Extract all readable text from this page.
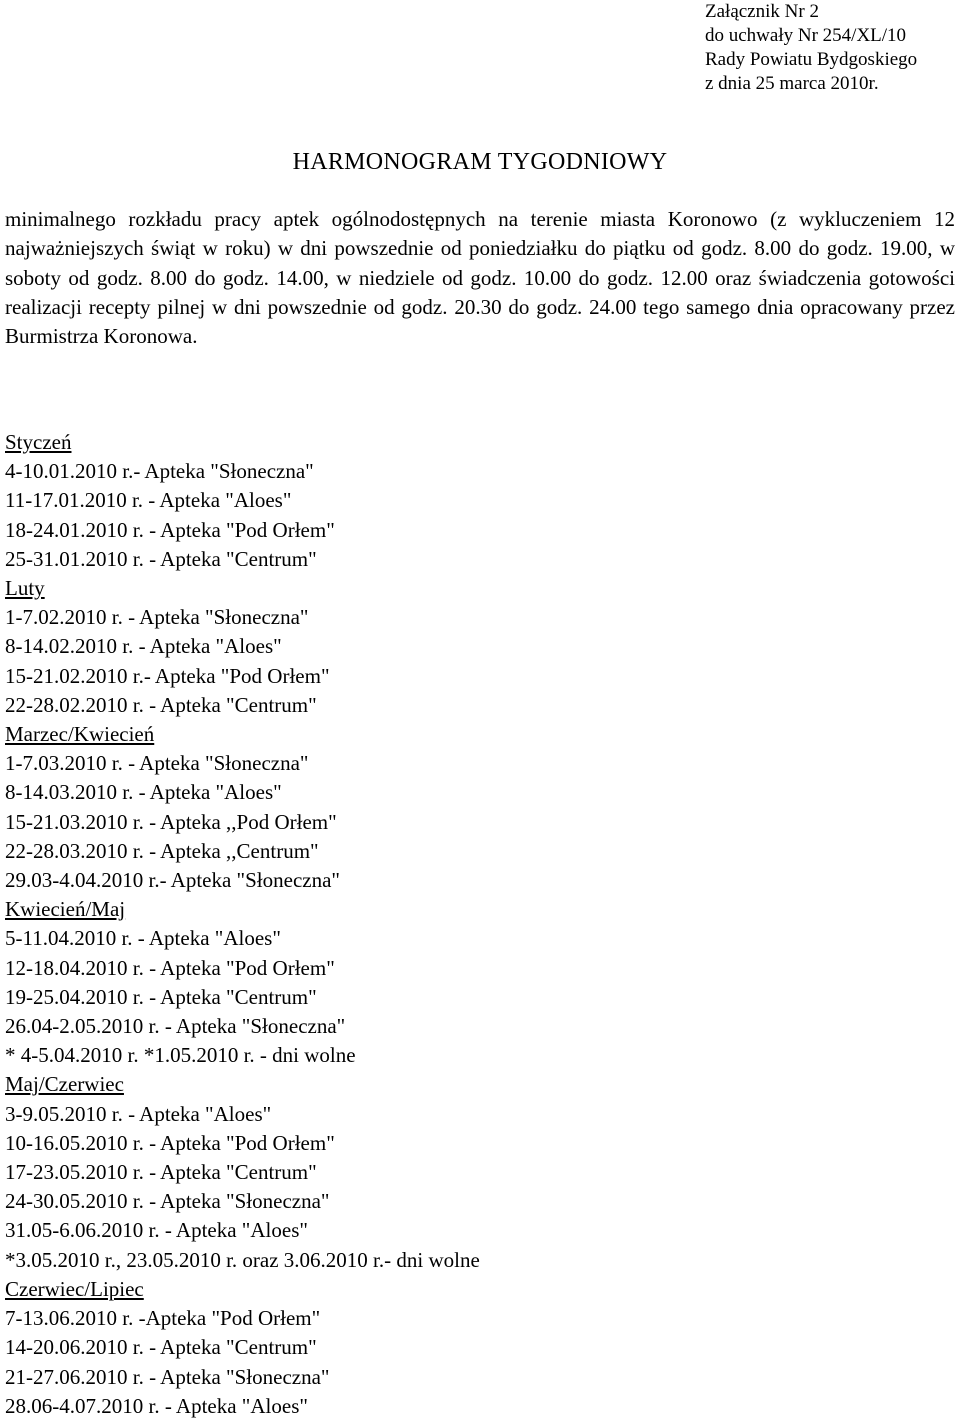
Załącznik Nr 2
do uchwały Nr 254/XL/10
Rady Powiatu Bydgoskiego
z dnia 25 marca 2010r.
HARMONOGRAM TYGODNIOWY

minimalnego rozkładu pracy aptek ogólnodostępnych na terenie miasta Koronowo (z wykluczeniem 12 najważniejszych świąt w roku) w dni powszednie od poniedziałku do piątku od godz. 8.00 do godz. 19.00, w soboty od godz. 8.00 do godz. 14.00, w niedziele od godz. 10.00 do godz. 12.00 oraz świadczenia gotowości realizacji recepty pilnej w dni powszednie od godz. 20.30 do godz. 24.00 tego samego dnia opracowany przez Burmistrza Koronowa.

Styczeń
4-10.01.2010 r.- Apteka "Słoneczna"
11-17.01.2010 r. - Apteka "Aloes"
18-24.01.2010 r. - Apteka "Pod Orłem"
25-31.01.2010 r. - Apteka "Centrum"
Luty
1-7.02.2010 r. - Apteka "Słoneczna"
8-14.02.2010 r. - Apteka "Aloes"
15-21.02.2010 r.- Apteka "Pod Orłem"
22-28.02.2010 r. - Apteka "Centrum"
Marzec/Kwiecień
1-7.03.2010 r. - Apteka "Słoneczna"
8-14.03.2010 r. - Apteka "Aloes"
15-21.03.2010 r. - Apteka ,,Pod Orłem"
22-28.03.2010 r. - Apteka ,,Centrum"
29.03-4.04.2010 r.- Apteka "Słoneczna"
Kwiecień/Maj
5-11.04.2010 r. - Apteka "Aloes"
12-18.04.2010 r. - Apteka "Pod Orłem"
19-25.04.2010 r. - Apteka "Centrum"
26.04-2.05.2010 r. - Apteka "Słoneczna"
* 4-5.04.2010 r. *1.05.2010 r. - dni wolne
Maj/Czerwiec
3-9.05.2010 r. - Apteka "Aloes"
10-16.05.2010 r. - Apteka "Pod Orłem"
17-23.05.2010 r. - Apteka "Centrum"
24-30.05.2010 r. - Apteka "Słoneczna"
31.05-6.06.2010 r. - Apteka "Aloes"
*3.05.2010 r., 23.05.2010 r. oraz 3.06.2010 r.- dni wolne
Czerwiec/Lipiec
7-13.06.2010 r. -Apteka "Pod Orłem"
14-20.06.2010 r. - Apteka "Centrum"
21-27.06.2010 r. - Apteka "Słoneczna"
28.06-4.07.2010 r. - Apteka "Aloes"
